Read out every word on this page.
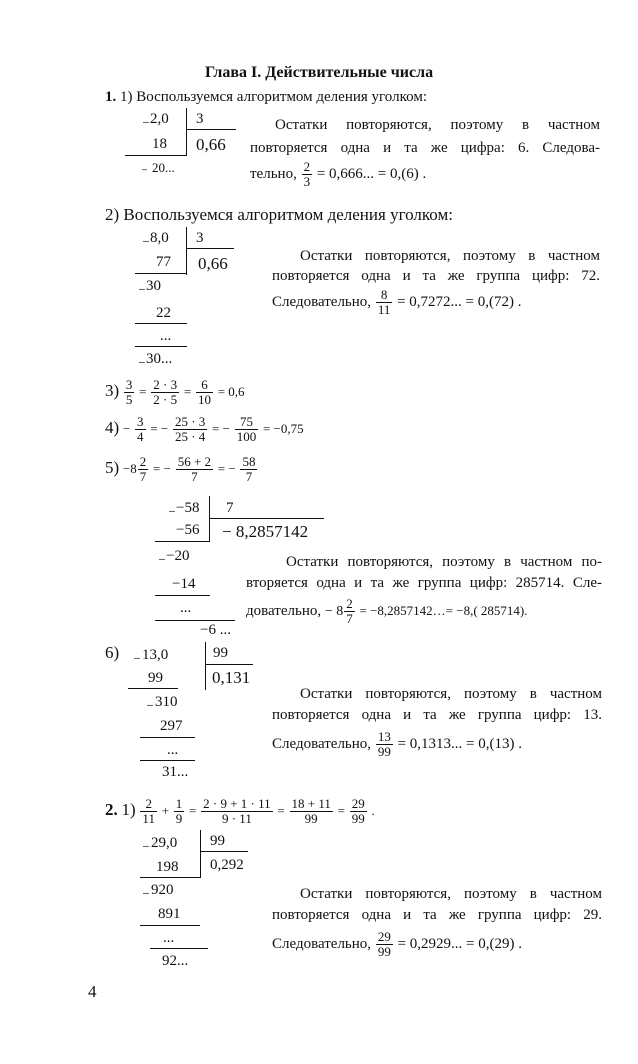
Глава I. Действительные числа
1. 1) Воспользуемся алгоритмом деления уголком:
₋ 2,0 3
18 0,66
₋ 20...
Остатки повторяются, поэтому в частном
повторяется одна и та же цифра: 6. Следова-
тельно, $\frac{2}{3} = 0,666$... = 0,(6) .
2) Воспользуемся алгоритмом деления уголком:
₋ 8,0 3
77 0,66
₋ 30
22
...
₋ 30...
Остатки повторяются, поэтому в частном
повторяется одна и та же группа цифр: 72.
Следовательно, $\frac{8}{11} = 0,7272$... = 0,(72) .
$3) \frac{3}{5} = \frac{2 \cdot 3}{2 \cdot 5} = \frac{6}{10} = 0,6$
$4) - \frac{3}{4}$ = − $\frac{25 \cdot 3}{25 \cdot 4}$ = − $\frac{75}{100} = -0,75$
$5) -8 \frac{2}{7}$ = − $\frac{56 + 2}{7}$ = − $\frac{58}{7}$
₋ −58 7
−56 − 8,2857142
₋ −20
−14
...
−6 ...
Остатки повторяются, поэтому в частном по-
вторяется одна и та же группа цифр: 285714. Сле-
довательно, − $8 \frac{2}{7}$ = −8,2857142…= −8,( 285714).
6) ₋ 13,0	99
99	0,131
₋ 310
297
...
31...
Остатки повторяются, поэтому в частном
повторяется одна и та же группа цифр: 13.
Следовательно, $\frac{13}{99} = 0,1313$... = 0,(13) .
2. $1) \frac{2}{11} + \frac{1}{9} = \frac{2 \cdot 9 + 1 \cdot 11}{9 \cdot 11} = \frac{18 + 11}{99} = \frac{29}{99}$ .
₋ 29,0 99
198 0,292
₋ 920
891
...
92...
Остатки повторяются, поэтому в частном
повторяется одна и та же группа цифр: 29.
Следовательно, $\frac{29}{99} = 0,2929$... = 0,(29) .
4
